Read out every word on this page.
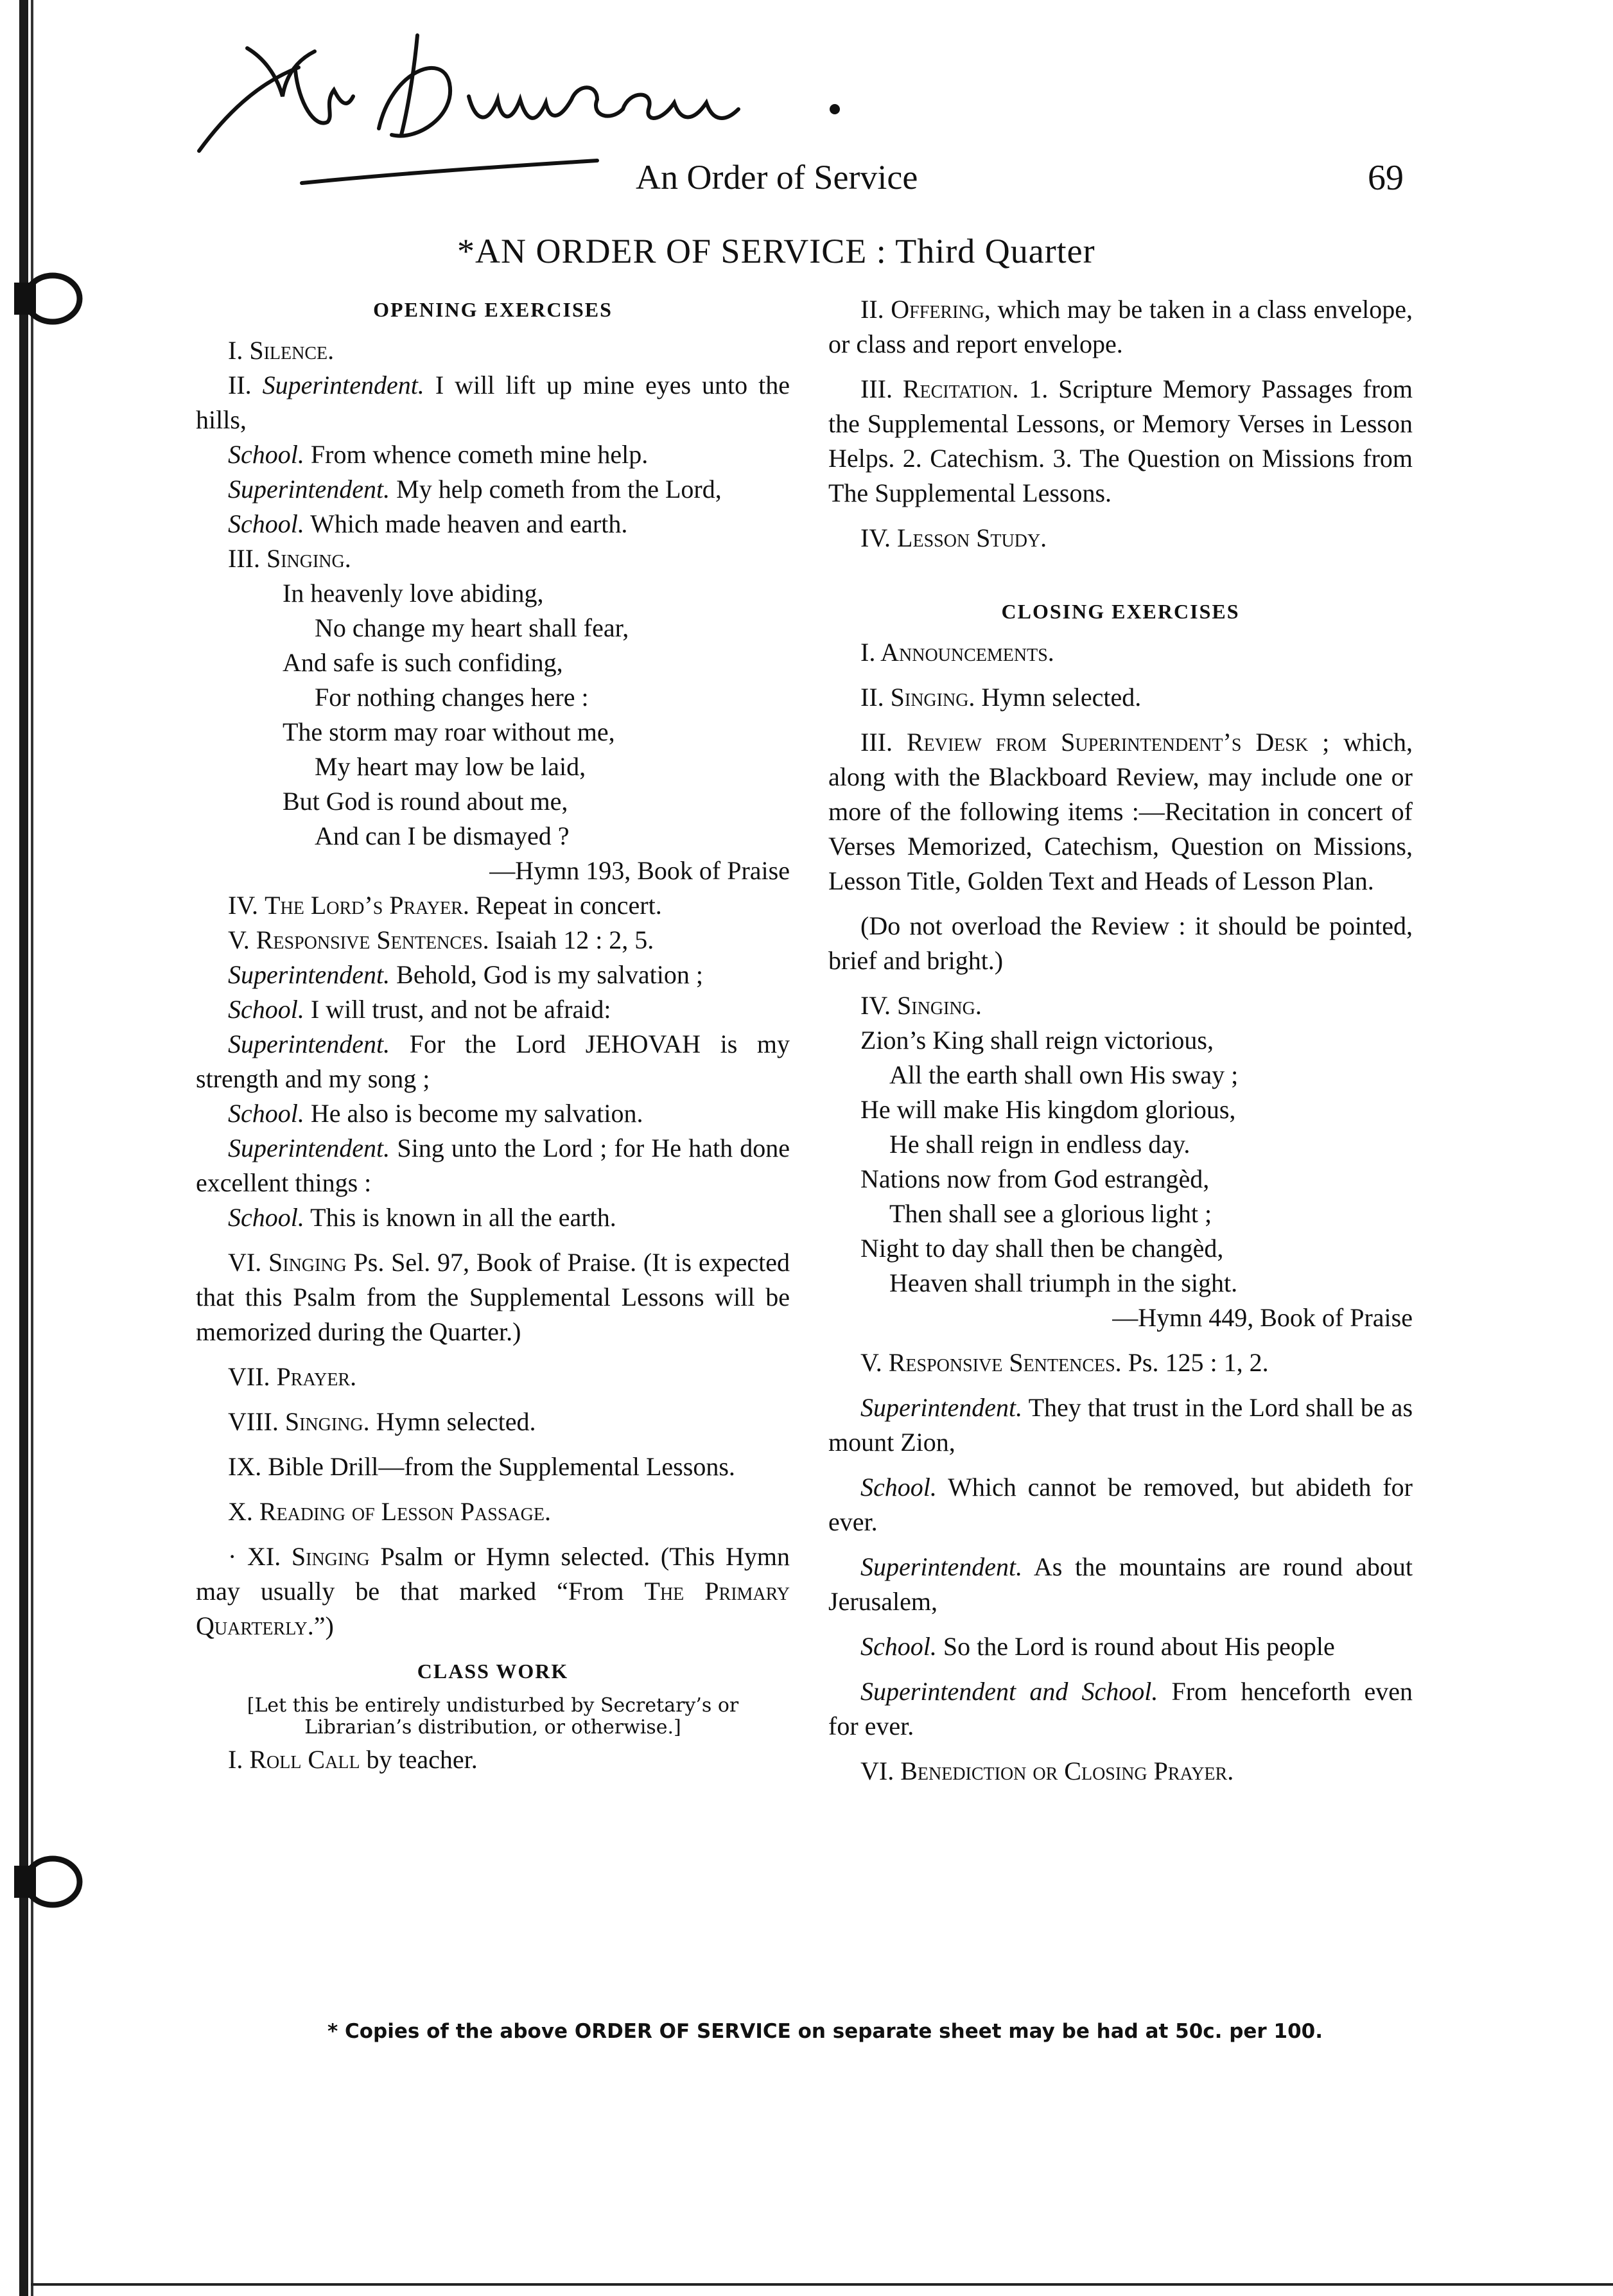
An Order of Service	69
*AN ORDER OF SERVICE : Third Quarter

OPENING EXERCISES

I. Silence.

II. Superintendent. I will lift up mine eyes unto the hills,

School. From whence cometh mine help.

Superintendent. My help cometh from the Lord,

School. Which made heaven and earth.

III. Singing.

In heavenly love abiding,

No change my heart shall fear,

And safe is such confiding,

For nothing changes here :

The storm may roar without me,

My heart may low be laid,

But God is round about me,

And can I be dismayed ?

—Hymn 193, Book of Praise

IV. The Lord’s Prayer. Repeat in concert.

V. Responsive Sentences. Isaiah 12 : 2, 5.

Superintendent. Behold, God is my salvation ;

School. I will trust, and not be afraid:

Superintendent. For the Lord JEHOVAH is my strength and my song ;

School. He also is become my salvation.

Superintendent. Sing unto the Lord ; for He hath done excellent things :

School. This is known in all the earth.

VI. Singing Ps. Sel. 97, Book of Praise. (It is expected that this Psalm from the Supplemental Lessons will be memorized during the Quarter.)

VII. Prayer.

VIII. Singing. Hymn selected.

IX. Bible Drill—from the Supplemental Lessons.

X. Reading of Lesson Passage.

· XI. Singing Psalm or Hymn selected. (This Hymn may usually be that marked “From The Primary Quarterly.”)

CLASS WORK

[Let this be entirely undisturbed by Secretary’s or Librarian’s distribution, or otherwise.]

I. Roll Call by teacher.

II. Offering, which may be taken in a class envelope, or class and report envelope.

III. Recitation. 1. Scripture Memory Passages from the Supplemental Lessons, or Memory Verses in Lesson Helps. 2. Catechism. 3. The Question on Missions from The Supplemental Lessons.

IV. Lesson Study.

CLOSING EXERCISES

I. Announcements.

II. Singing. Hymn selected.

III. Review from Superintendent’s Desk ; which, along with the Blackboard Review, may include one or more of the following items :—Recitation in concert of Verses Memorized, Catechism, Question on Missions, Lesson Title, Golden Text and Heads of Lesson Plan.

(Do not overload the Review : it should be pointed, brief and bright.)

IV. Singing.

Zion’s King shall reign victorious,

All the earth shall own His sway ;

He will make His kingdom glorious,

He shall reign in endless day.

Nations now from God estrangèd,

Then shall see a glorious light ;

Night to day shall then be changèd,

Heaven shall triumph in the sight.

—Hymn 449, Book of Praise

V. Responsive Sentences. Ps. 125 : 1, 2.

Superintendent. They that trust in the Lord shall be as mount Zion,

School. Which cannot be removed, but abideth for ever.

Superintendent. As the mountains are round about Jerusalem,

School. So the Lord is round about His people

Superintendent and School. From henceforth even for ever.

VI. Benediction or Closing Prayer.

* Copies of the above ORDER OF SERVICE on separate sheet may be had at 50c. per 100.
